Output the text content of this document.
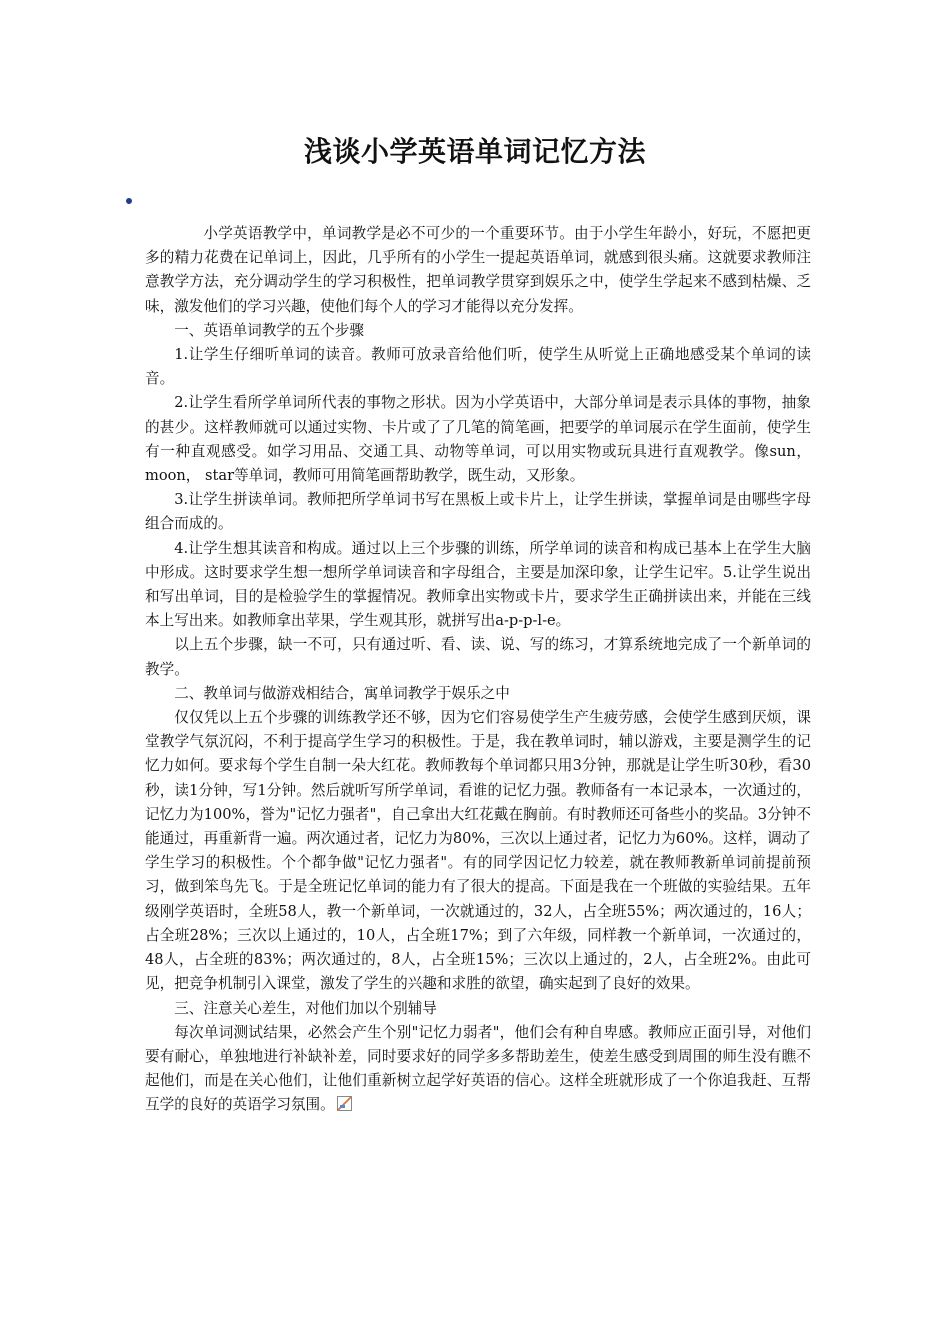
浅谈小学英语单词记忆方法

小学英语教学中，单词教学是必不可少的一个重要环节。由于小学生年龄小，好玩，不愿把更多的精力花费在记单词上，因此，几乎所有的小学生一提起英语单词，就感到很头痛。这就要求教师注意教学方法，充分调动学生的学习积极性，把单词教学贯穿到娱乐之中，使学生学起来不感到枯燥、乏味，激发他们的学习兴趣，使他们每个人的学习才能得以充分发挥。

一、英语单词教学的五个步骤

1.让学生仔细听单词的读音。教师可放录音给他们听，使学生从听觉上正确地感受某个单词的读音。

2.让学生看所学单词所代表的事物之形状。因为小学英语中，大部分单词是表示具体的事物，抽象的甚少。这样教师就可以通过实物、卡片或了了几笔的简笔画，把要学的单词展示在学生面前，使学生有一种直观感受。如学习用品、交通工具、动物等单词，可以用实物或玩具进行直观教学。像sun， moon， star等单词，教师可用简笔画帮助教学，既生动，又形象。

3.让学生拼读单词。教师把所学单词书写在黑板上或卡片上，让学生拼读，掌握单词是由哪些字母组合而成的。

4.让学生想其读音和构成。通过以上三个步骤的训练，所学单词的读音和构成已基本上在学生大脑中形成。这时要求学生想一想所学单词读音和字母组合，主要是加深印象，让学生记牢。5.让学生说出和写出单词，目的是检验学生的掌握情况。教师拿出实物或卡片，要求学生正确拼读出来，并能在三线本上写出来。如教师拿出苹果，学生观其形，就拼写出a-p-p-l-e。

以上五个步骤，缺一不可，只有通过听、看、读、说、写的练习，才算系统地完成了一个新单词的教学。

二、教单词与做游戏相结合，寓单词教学于娱乐之中

仅仅凭以上五个步骤的训练教学还不够，因为它们容易使学生产生疲劳感，会使学生感到厌烦，课堂教学气氛沉闷，不利于提高学生学习的积极性。于是，我在教单词时，辅以游戏，主要是测学生的记忆力如何。要求每个学生自制一朵大红花。教师教每个单词都只用3分钟，那就是让学生听30秒，看30秒，读1分钟，写1分钟。然后就听写所学单词，看谁的记忆力强。教师备有一本记录本，一次通过的，记忆力为100%，誉为"记忆力强者"，自己拿出大红花戴在胸前。有时教师还可备些小的奖品。3分钟不能通过，再重新背一遍。两次通过者，记忆力为80%，三次以上通过者，记忆力为60%。这样，调动了学生学习的积极性。个个都争做"记忆力强者"。有的同学因记忆力较差，就在教师教新单词前提前预习，做到笨鸟先飞。于是全班记忆单词的能力有了很大的提高。下面是我在一个班做的实验结果。五年级刚学英语时，全班58人，教一个新单词，一次就通过的，32人，占全班55%；两次通过的，16人；占全班28%；三次以上通过的，10人，占全班17%；到了六年级，同样教一个新单词，一次通过的，48人，占全班的83%；两次通过的，8人，占全班15%；三次以上通过的，2人，占全班2%。由此可见，把竞争机制引入课堂，激发了学生的兴趣和求胜的欲望，确实起到了良好的效果。

三、注意关心差生，对他们加以个别辅导

每次单词测试结果，必然会产生个别"记忆力弱者"，他们会有种自卑感。教师应正面引导，对他们要有耐心，单独地进行补缺补差，同时要求好的同学多多帮助差生，使差生感受到周围的师生没有瞧不起他们，而是在关心他们，让他们重新树立起学好英语的信心。这样全班就形成了一个你追我赶、互帮互学的良好的英语学习氛围。
